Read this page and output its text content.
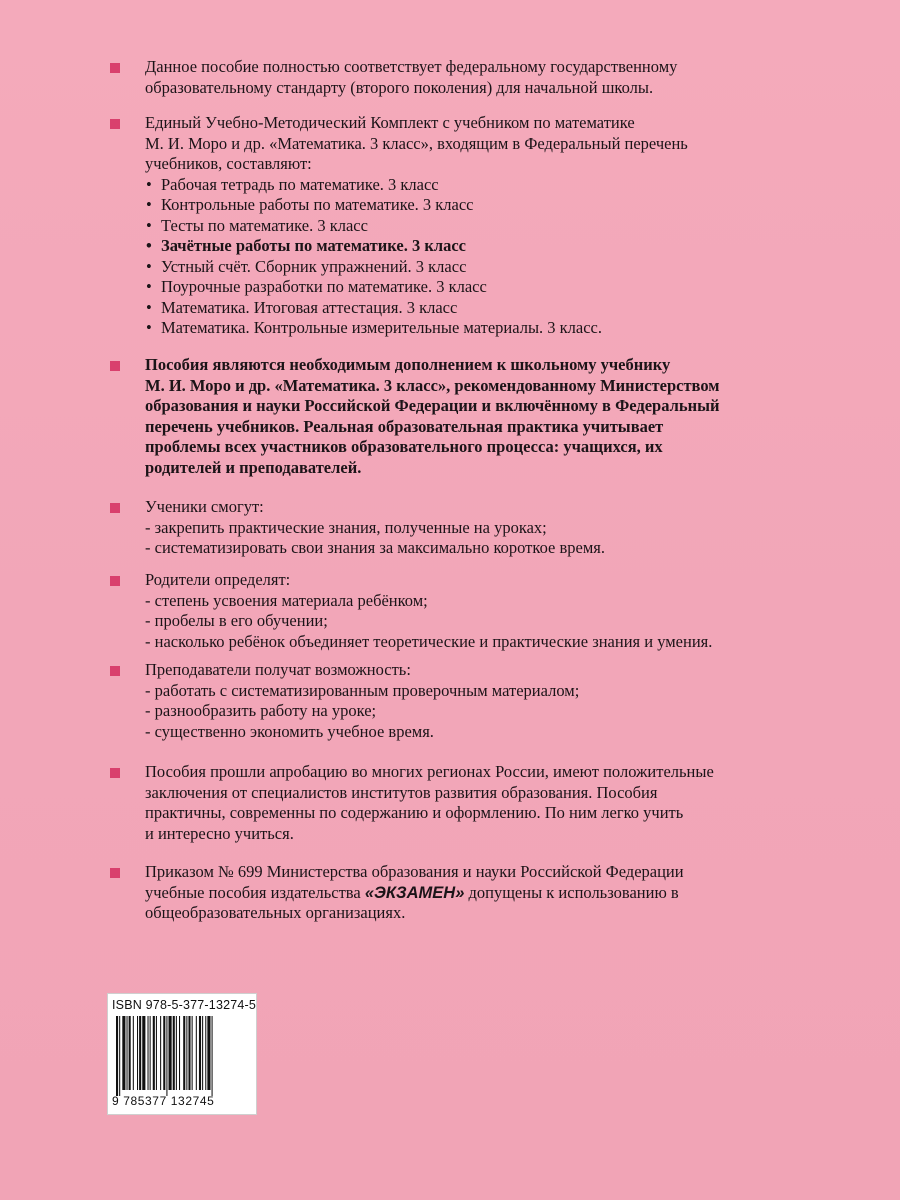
Данное пособие полностью соответствует федеральному государственному

образовательному стандарту (второго поколения) для начальной школы.

Единый Учебно-Методический Комплект с учебником по математике

М. И. Моро и др. «Математика. 3 класс», входящим в Федеральный перечень

учебников, составляют:

• Рабочая тетрадь по математике. 3 класс
• Контрольные работы по математике. 3 класс
• Тесты по математике. 3 класс
• Зачётные работы по математике. 3 класс
• Устный счёт. Сборник упражнений. 3 класс
• Поурочные разработки по математике. 3 класс
• Математика. Итоговая аттестация. 3 класс
• Математика. Контрольные измерительные материалы. 3 класс.

Пособия являются необходимым дополнением к школьному учебнику

М. И. Моро и др. «Математика. 3 класс», рекомендованному Министерством

образования и науки Российской Федерации и включённому в Федеральный

перечень учебников. Реальная образовательная практика учитывает

проблемы всех участников образовательного процесса: учащихся, их

родителей и преподавателей.

Ученики смогут:

- закрепить практические знания, полученные на уроках;

- систематизировать свои знания за максимально короткое время.

Родители определят:

- степень усвоения материала ребёнком;

- пробелы в его обучении;

- насколько ребёнок объединяет теоретические и практические знания и умения.

Преподаватели получат возможность:

- работать с систематизированным проверочным материалом;

- разнообразить работу на уроке;

- существенно экономить учебное время.

Пособия прошли апробацию во многих регионах России, имеют положительные

заключения от специалистов институтов развития образования. Пособия

практичны, современны по содержанию и оформлению. По ним легко учить

и интересно учиться.

Приказом № 699 Министерства образования и науки Российской Федерации

учебные пособия издательства «ЭКЗАМЕН» допущены к использованию в

общеобразовательных организациях.

ISBN 978-5-377-13274-5
9 785377 132745
